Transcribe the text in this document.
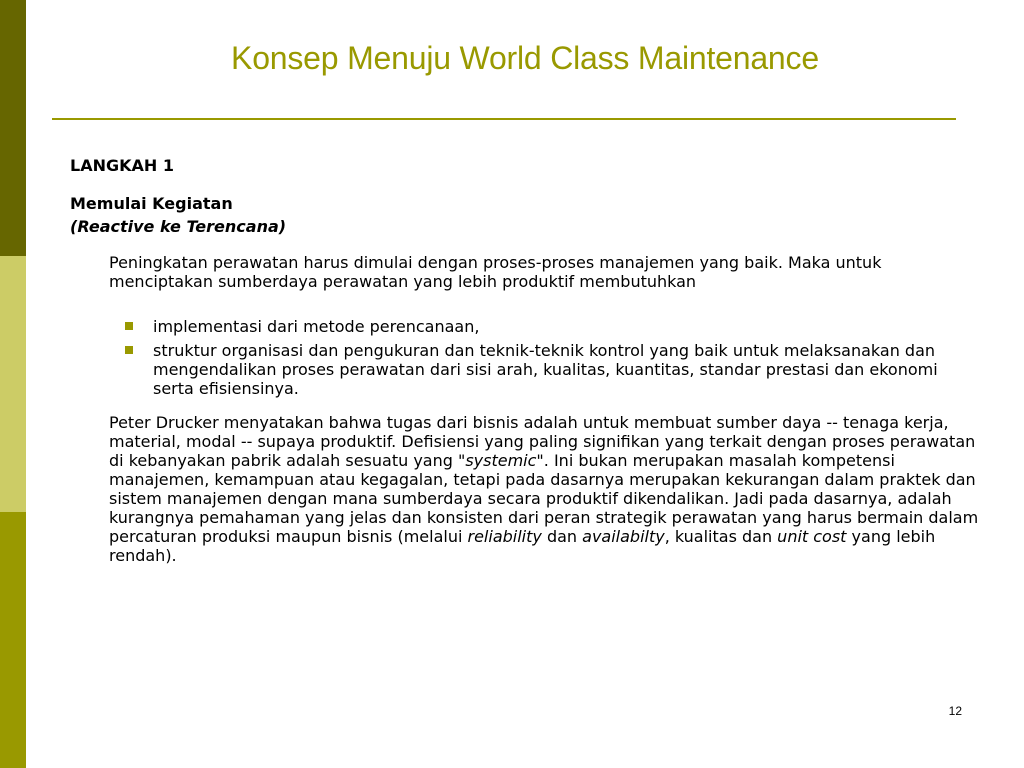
Konsep Menuju World Class Maintenance
LANGKAH 1
Memulai Kegiatan
(Reactive ke Terencana)
Peningkatan perawatan harus dimulai dengan proses-proses manajemen yang baik. Maka untuk menciptakan sumberdaya perawatan yang lebih produktif membutuhkan
implementasi dari metode perencanaan,
struktur organisasi dan pengukuran dan teknik-teknik kontrol yang baik untuk melaksanakan dan mengendalikan proses perawatan dari sisi arah, kualitas, kuantitas, standar prestasi dan ekonomi serta efisiensinya.
Peter Drucker menyatakan bahwa tugas dari bisnis adalah untuk membuat sumber daya -- tenaga kerja, material, modal -- supaya produktif. Defisiensi yang paling signifikan yang terkait dengan proses perawatan di kebanyakan pabrik adalah sesuatu yang "systemic". Ini bukan merupakan masalah kompetensi manajemen, kemampuan atau kegagalan, tetapi pada dasarnya merupakan kekurangan dalam praktek dan sistem manajemen dengan mana sumberdaya secara produktif dikendalikan. Jadi pada dasarnya, adalah kurangnya pemahaman yang jelas dan konsisten dari peran strategik perawatan yang harus bermain dalam percaturan produksi maupun bisnis (melalui reliability dan availabilty, kualitas dan unit cost yang lebih rendah).
12
